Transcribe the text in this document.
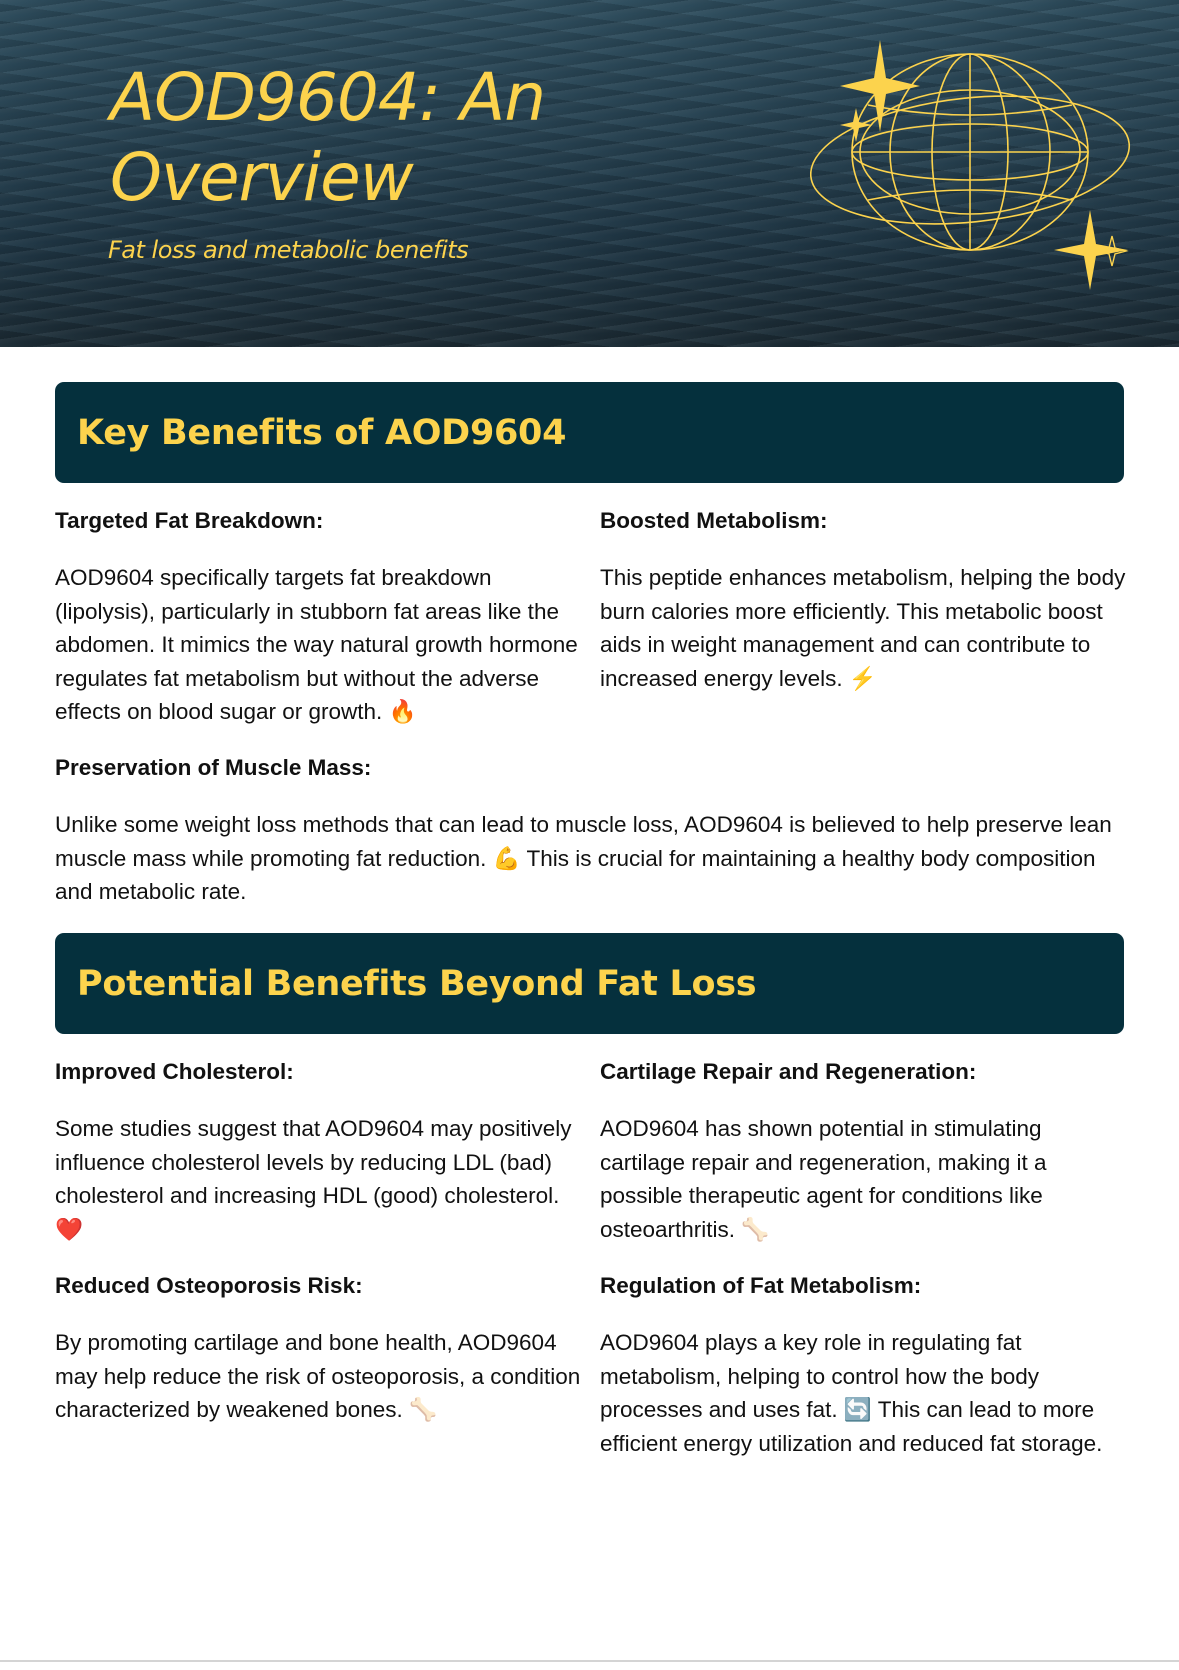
AOD9604: An Overview
Fat loss and metabolic benefits
Key Benefits of AOD9604
Targeted Fat Breakdown:

AOD9604 specifically targets fat breakdown (lipolysis), particularly in stubborn fat areas like the abdomen. It mimics the way natural growth hormone regulates fat metabolism but without the adverse effects on blood sugar or growth. 🔥

Boosted Metabolism:

This peptide enhances metabolism, helping the body burn calories more efficiently. This metabolic boost aids in weight management and can contribute to increased energy levels. ⚡

Preservation of Muscle Mass:

Unlike some weight loss methods that can lead to muscle loss, AOD9604 is believed to help preserve lean muscle mass while promoting fat reduction. 💪 This is crucial for maintaining a healthy body composition and metabolic rate.

Potential Benefits Beyond Fat Loss
Improved Cholesterol:

Some studies suggest that AOD9604 may positively influence cholesterol levels by reducing LDL (bad) cholesterol and increasing HDL (good) cholesterol. ❤️

Cartilage Repair and Regeneration:

AOD9604 has shown potential in stimulating cartilage repair and regeneration, making it a possible therapeutic agent for conditions like osteoarthritis. 🦴

Reduced Osteoporosis Risk:

By promoting cartilage and bone health, AOD9604 may help reduce the risk of osteoporosis, a condition characterized by weakened bones. 🦴

Regulation of Fat Metabolism:

AOD9604 plays a key role in regulating fat metabolism, helping to control how the body processes and uses fat. 🔄 This can lead to more efficient energy utilization and reduced fat storage.
